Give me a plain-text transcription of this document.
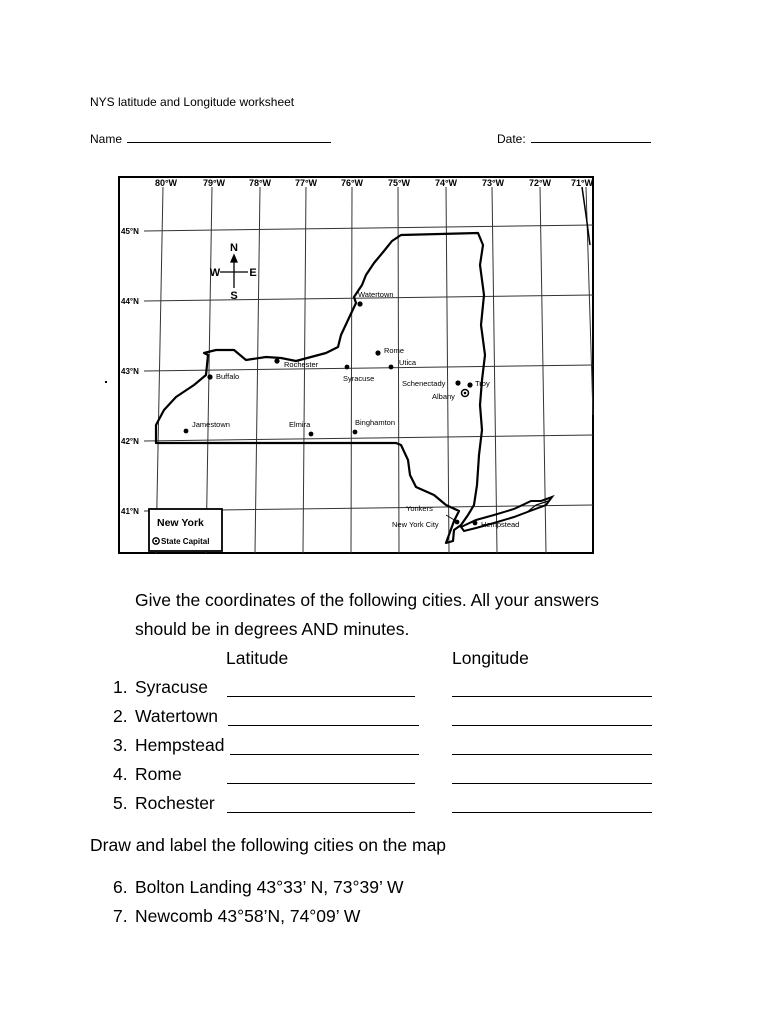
NYS latitude and Longitude worksheet
Name	Date:
80°W	79°W	78°W	77°W	76°W	75°W	74°W	73°W	72°W 71°W
45°N
44°N
43°N
42°N
41°N
N
S
E
W
Watertown
Rome
Utica
Rochester
Syracuse
Buffalo
Schenectady	Troy
Albany
Jamestown	Elmira	Binghamton
Yonkers
New York City	Hempstead
New York
State Capital
Give the coordinates of the following cities. All your answers
should be in degrees AND minutes.
Latitude	Longitude
1. Syracuse
2. Watertown
3. Hempstead
4. Rome
5. Rochester
Draw and label the following cities on the map
6. Bolton Landing 43°33’ N, 73°39’ W
7. Newcomb 43°58’N, 74°09’ W
